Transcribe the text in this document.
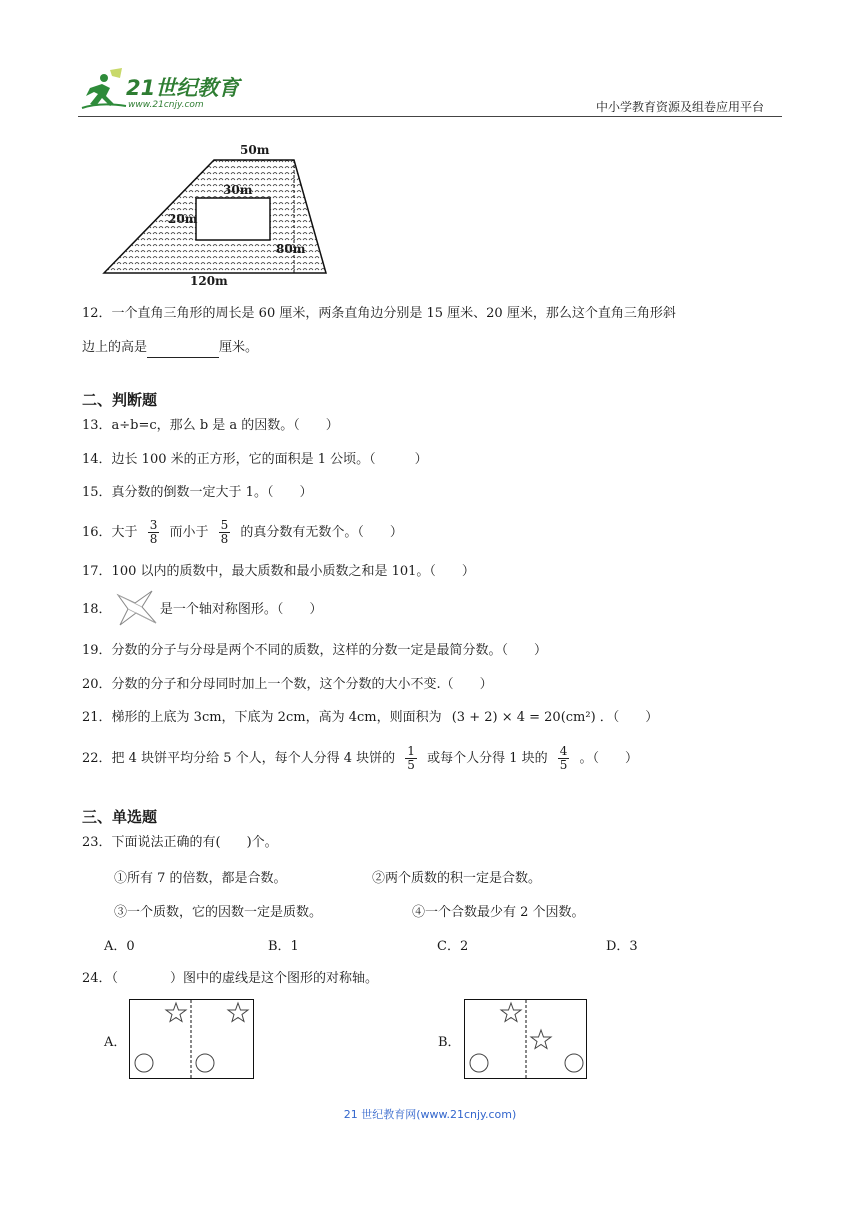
21世纪教育
www.21cnjy.com	中小学教育资源及组卷应用平台
50m
30m
20m
80m
120m
12．一个直角三角形的周长是 60 厘米，两条直角边分别是 15 厘米、20 厘米，那么这个直角三角形斜
边上的高是	厘米。
二、判断题
13．a÷b=c，那么 b 是 a 的因数。（　　）
14．边长 100 米的正方形，它的面积是 1 公顷。（　　　）
15．真分数的倒数一定大于 1。（　　）
16．大于 $\frac{3}{8}$ 而小于 $\frac{5}{8}$ 的真分数有无数个。（　　）
17．100 以内的质数中，最大质数和最小质数之和是 101。（　　）
18．	是一个轴对称图形。（　　）
19．分数的分子与分母是两个不同的质数，这样的分数一定是最简分数。（　　）
20．分数的分子和分母同时加上一个数，这个分数的大小不变.（　　）
21．梯形的上底为 3cm，下底为 2cm，高为 4cm，则面积为 (3 + 2) × 4 = 20(cm²) ．（　　）
22．把 4 块饼平均分给 5 个人，每个人分得 4 块饼的 $\frac{1}{5}$ 或每个人分得 1 块的 $\frac{4}{5}$ 。（　　）
三、单选题
23．下面说法正确的有(　　)个。
①所有 7 的倍数，都是合数。	②两个质数的积一定是合数。
③一个质数，它的因数一定是质数。	④一个合数最少有 2 个因数。
A．0	B．1	C．2	D．3
24．（　　　　）图中的虚线是这个图形的对称轴。
A．	B．
21 世纪教育网(www.21cnjy.com)
